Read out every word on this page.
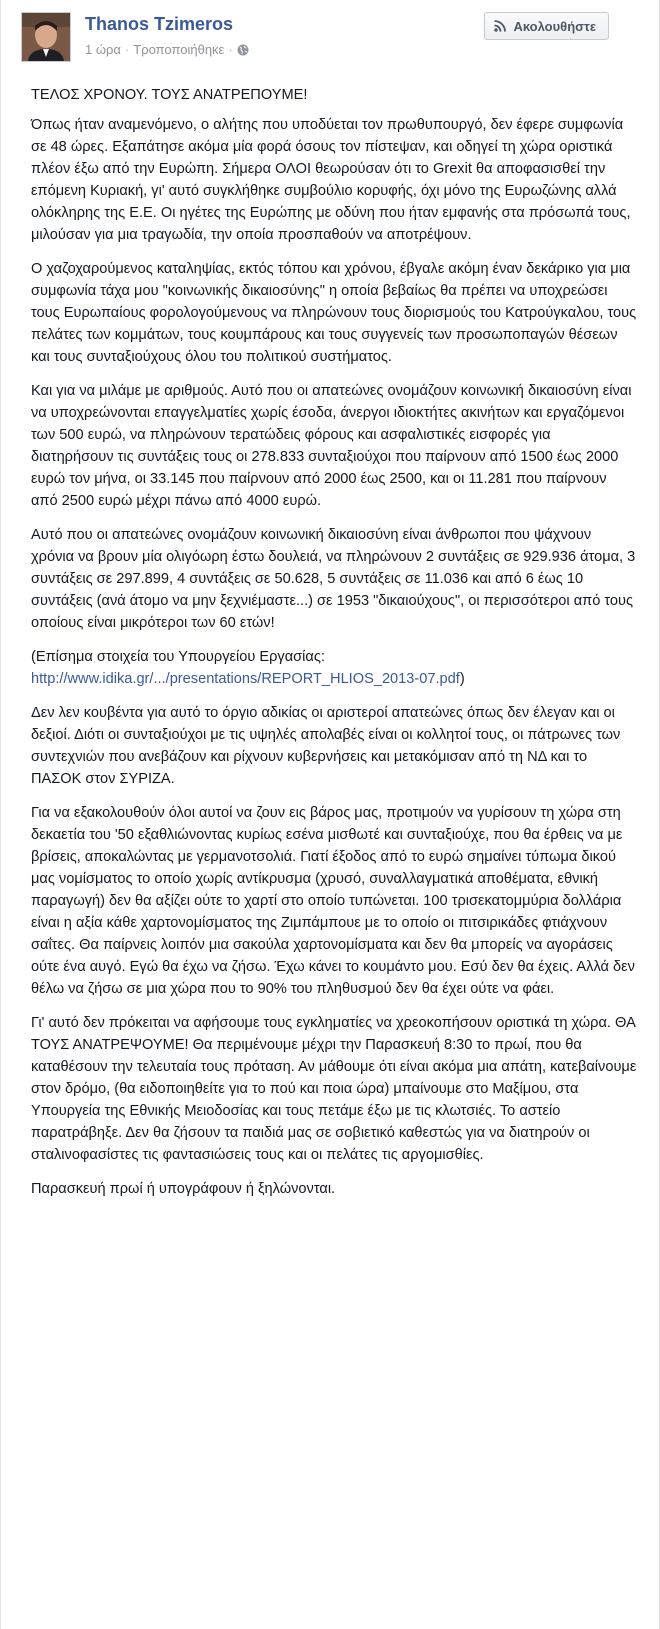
Thanos Tzimeros
1 ώρα · Τροποποιήθηκε ·
Ακολουθήστε

ΤΕΛΟΣ ΧΡΟΝΟΥ. ΤΟΥΣ ΑΝΑΤΡΕΠΟΥΜΕ!

Όπως ήταν αναμενόμενο, ο αλήτης που υποδύεται τον πρωθυπουργό, δεν έφερε συμφωνία σε 48 ώρες. Εξαπάτησε ακόμα μία φορά όσους τον πίστεψαν, και οδηγεί τη χώρα οριστικά πλέον έξω από την Ευρώπη. Σήμερα ΟΛΟΙ θεωρούσαν ότι το Grexit θα αποφασισθεί την επόμενη Κυριακή, γι' αυτό συγκλήθηκε συμβούλιο κορυφής, όχι μόνο της Ευρωζώνης αλλά ολόκληρης της Ε.Ε. Οι ηγέτες της Ευρώπης με οδύνη που ήταν εμφανής στα πρόσωπά τους, μιλούσαν για μια τραγωδία, την οποία προσπαθούν να αποτρέψουν.

Ο χαζοχαρούμενος καταληψίας, εκτός τόπου και χρόνου, έβγαλε ακόμη έναν δεκάρικο για μια συμφωνία τάχα μου "κοινωνικής δικαιοσύνης" η οποία βεβαίως θα πρέπει να υποχρεώσει τους Ευρωπαίους φορολογούμενους να πληρώνουν τους διορισμούς του Κατρούγκαλου, τους πελάτες των κομμάτων, τους κουμπάρους και τους συγγενείς των προσωποπαγών θέσεων και τους συνταξιούχους όλου του πολιτικού συστήματος.

Και για να μιλάμε με αριθμούς. Αυτό που οι απατεώνες ονομάζουν κοινωνική δικαιοσύνη είναι να υποχρεώνονται επαγγελματίες χωρίς έσοδα, άνεργοι ιδιοκτήτες ακινήτων και εργαζόμενοι των 500 ευρώ, να πληρώνουν τερατώδεις φόρους και ασφαλιστικές εισφορές για διατηρήσουν τις συντάξεις τους οι 278.833 συνταξιούχοι που παίρνουν από 1500 έως 2000 ευρώ τον μήνα, οι 33.145 που παίρνουν από 2000 έως 2500, και οι 11.281 που παίρνουν από 2500 ευρώ μέχρι πάνω από 4000 ευρώ.

Αυτό που οι απατεώνες ονομάζουν κοινωνική δικαιοσύνη είναι άνθρωποι που ψάχνουν χρόνια να βρουν μία ολιγόωρη έστω δουλειά, να πληρώνουν 2 συντάξεις σε 929.936 άτομα, 3 συντάξεις σε 297.899, 4 συντάξεις σε 50.628, 5 συντάξεις σε 11.036 και από 6 έως 10 συντάξεις (ανά άτομο να μην ξεχνιέμαστε...) σε 1953 "δικαιούχους", οι περισσότεροι από τους οποίους είναι μικρότεροι των 60 ετών!

(Επίσημα στοιχεία του Υπουργείου Εργασίας: http://www.idika.gr/.../presentations/REPORT_HLIOS_2013-07.pdf)

Δεν λεν κουβέντα για αυτό το όργιο αδικίας οι αριστεροί απατεώνες όπως δεν έλεγαν και οι δεξιοί. Διότι οι συνταξιούχοι με τις υψηλές απολαβές είναι οι κολλητοί τους, οι πάτρωνες των συντεχνιών που ανεβάζουν και ρίχνουν κυβερνήσεις και μετακόμισαν από τη ΝΔ και το ΠΑΣΟΚ στον ΣΥΡΙΖΑ.

Για να εξακολουθούν όλοι αυτοί να ζουν εις βάρος μας, προτιμούν να γυρίσουν τη χώρα στη δεκαετία του '50 εξαθλιώνοντας κυρίως εσένα μισθωτέ και συνταξιούχε, που θα έρθεις να με βρίσεις, αποκαλώντας με γερμανοτσολιά. Γιατί έξοδος από το ευρώ σημαίνει τύπωμα δικού μας νομίσματος το οποίο χωρίς αντίκρυσμα (χρυσό, συναλλαγματικά αποθέματα, εθνική παραγωγή) δεν θα αξίζει ούτε το χαρτί στο οποίο τυπώνεται. 100 τρισεκατομμύρια δολλάρια είναι η αξία κάθε χαρτονομίσματος της Ζιμπάμπουε με το οποίο οι πιτσιρικάδες φτιάχνουν σαΐτες. Θα παίρνεις λοιπόν μια σακούλα χαρτονομίσματα και δεν θα μπορείς να αγοράσεις ούτε ένα αυγό. Εγώ θα έχω να ζήσω. Έχω κάνει το κουμάντο μου. Εσύ δεν θα έχεις. Αλλά δεν θέλω να ζήσω σε μια χώρα που το 90% του πληθυσμού δεν θα έχει ούτε να φάει.

Γι' αυτό δεν πρόκειται να αφήσουμε τους εγκληματίες να χρεοκοπήσουν οριστικά τη χώρα. ΘΑ ΤΟΥΣ ΑΝΑΤΡΕΨΟΥΜΕ! Θα περιμένουμε μέχρι την Παρασκευή 8:30 το πρωί, που θα καταθέσουν την τελευταία τους πρόταση. Αν μάθουμε ότι είναι ακόμα μια απάτη, κατεβαίνουμε στον δρόμο, (θα ειδοποιηθείτε για το πού και ποια ώρα) μπαίνουμε στο Μαξίμου, στα Υπουργεία της Εθνικής Μειοδοσίας και τους πετάμε έξω με τις κλωτσιές. Το αστείο παρατράβηξε. Δεν θα ζήσουν τα παιδιά μας σε σοβιετικό καθεστώς για να διατηρούν οι σταλινοφασίστες τις φαντασιώσεις τους και οι πελάτες τις αργομισθίες.

Παρασκευή πρωί ή υπογράφουν ή ξηλώνονται.
